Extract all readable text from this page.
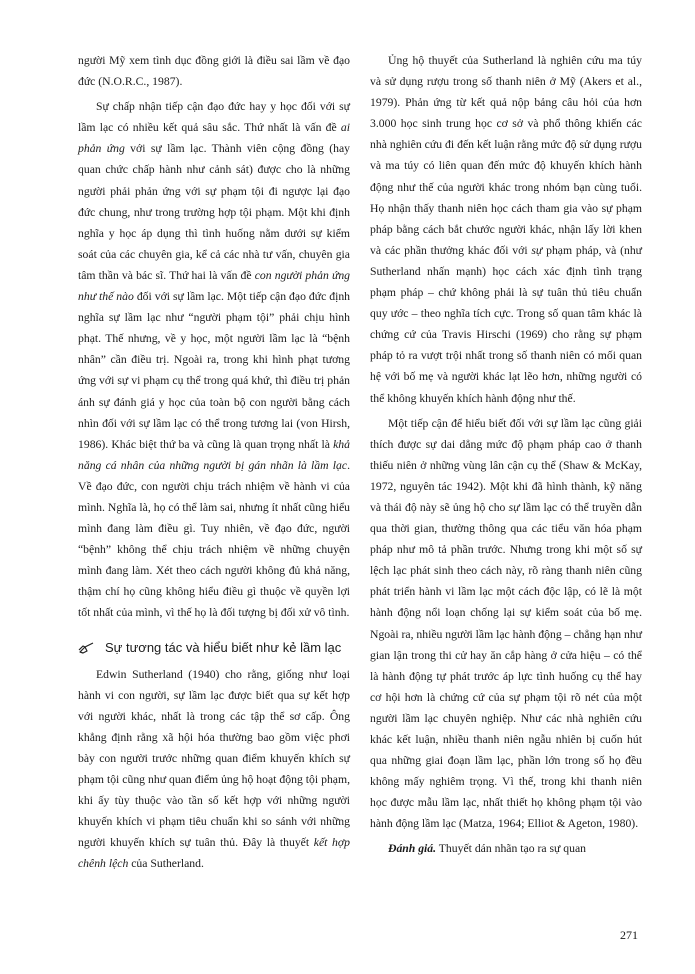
người Mỹ xem tình dục đồng giới là điều sai lầm về đạo đức (N.O.R.C., 1987).

Sự chấp nhận tiếp cận đạo đức hay y học đối với sự lầm lạc có nhiều kết quả sâu sắc. Thứ nhất là vấn đề ai phản ứng với sự lầm lạc. Thành viên cộng đồng (hay quan chức chấp hành như cảnh sát) được cho là những người phải phản ứng với sự phạm tội đi ngược lại đạo đức chung, như trong trường hợp tội phạm. Một khi định nghĩa y học áp dụng thì tình huống nằm dưới sự kiểm soát của các chuyên gia, kể cả các nhà tư vấn, chuyên gia tâm thần và bác sĩ. Thứ hai là vấn đề con người phản ứng như thế nào đối với sự lầm lạc. Một tiếp cận đạo đức định nghĩa sự lầm lạc như “người phạm tội” phải chịu hình phạt. Thế nhưng, về y học, một người lầm lạc là “bệnh nhân” cần điều trị. Ngoài ra, trong khi hình phạt tương ứng với sự vi phạm cụ thể trong quá khứ, thì điều trị phản ánh sự đánh giá y học của toàn bộ con người bằng cách nhìn đối với sự lầm lạc có thể trong tương lai (von Hirsh, 1986). Khác biệt thứ ba và cũng là quan trọng nhất là khả năng cá nhân của những người bị gán nhãn là lầm lạc. Về đạo đức, con người chịu trách nhiệm về hành vi của mình. Nghĩa là, họ có thể làm sai, nhưng ít nhất cũng hiểu mình đang làm điều gì. Tuy nhiên, về đạo đức, người “bệnh” không thể chịu trách nhiệm về những chuyện mình đang làm. Xét theo cách người không đủ khả năng, thậm chí họ cũng không hiểu điều gì thuộc về quyền lợi tốt nhất của mình, vì thế họ là đối tượng bị đối xử vô tình.

Sự tương tác và hiểu biết như kẻ lầm lạc

Edwin Sutherland (1940) cho rằng, giống như loại hành vi con người, sự lầm lạc được biết qua sự kết hợp với người khác, nhất là trong các tập thể sơ cấp. Ông khẳng định rằng xã hội hóa thường bao gồm việc phơi bày con người trước những quan điểm khuyến khích sự phạm tội cũng như quan điểm ủng hộ hoạt động tội phạm, khi ấy tùy thuộc vào tần số kết hợp với những người khuyến khích vi phạm tiêu chuẩn khi so sánh với những người khuyến khích sự tuân thủ. Đây là thuyết kết hợp chênh lệch của Sutherland.

Ủng hộ thuyết của Sutherland là nghiên cứu ma túy và sử dụng rượu trong số thanh niên ở Mỹ (Akers et al., 1979). Phản ứng từ kết quả nộp bảng câu hỏi của hơn 3.000 học sinh trung học cơ sở và phổ thông khiến các nhà nghiên cứu đi đến kết luận rằng mức độ sử dụng rượu và ma túy có liên quan đến mức độ khuyến khích hành động như thế của người khác trong nhóm bạn cùng tuổi. Họ nhận thấy thanh niên học cách tham gia vào sự phạm pháp bằng cách bắt chước người khác, nhận lấy lời khen và các phần thưởng khác đối với sự phạm pháp, và (như Sutherland nhấn mạnh) học cách xác định tình trạng phạm pháp – chứ không phải là sự tuân thủ tiêu chuẩn quy ước – theo nghĩa tích cực. Trong số quan tâm khác là chứng cứ của Travis Hirschi (1969) cho rằng sự phạm pháp tỏ ra vượt trội nhất trong số thanh niên có mối quan hệ với bố mẹ và người khác lạt lẽo hơn, những người có thể không khuyến khích hành động như thế.

Một tiếp cận để hiểu biết đối với sự lầm lạc cũng giải thích được sự dai dẳng mức độ phạm pháp cao ở thanh thiếu niên ở những vùng lân cận cụ thể (Shaw & McKay, 1972, nguyên tác 1942). Một khi đã hình thành, kỹ năng và thái độ này sẽ ủng hộ cho sự lầm lạc có thể truyền dẫn qua thời gian, thường thông qua các tiểu văn hóa phạm pháp như mô tả phần trước. Nhưng trong khi một số sự lệch lạc phát sinh theo cách này, rõ ràng thanh niên cũng phát triển hành vi lầm lạc một cách độc lập, có lẽ là một hành động nổi loạn chống lại sự kiểm soát của bố mẹ. Ngoài ra, nhiều người lầm lạc hành động – chẳng hạn như gian lận trong thi cử hay ăn cắp hàng ở cửa hiệu – có thể là hành động tự phát trước áp lực tình huống cụ thể hay cơ hội hơn là chứng cứ của sự phạm tội rõ nét của một người lầm lạc chuyên nghiệp. Như các nhà nghiên cứu khác kết luận, nhiều thanh niên ngẫu nhiên bị cuốn hút qua những giai đoạn lầm lạc, phần lớn trong số họ đều không mấy nghiêm trọng. Vì thế, trong khi thanh niên học được mẫu lầm lạc, nhất thiết họ không phạm tội vào hành động lầm lạc (Matza, 1964; Elliot & Ageton, 1980).

Đánh giá. Thuyết dán nhãn tạo ra sự quan

271
